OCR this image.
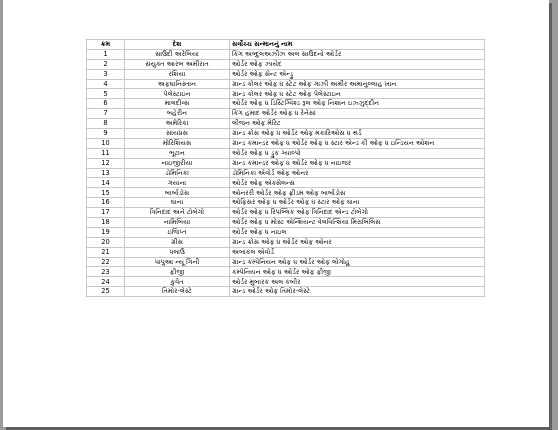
ક્રમ	દેશ	સર્વોચ્ચ સન્માનનું નામ
1	સાઉદી અરેબિયા	કિંગ અબ્દુલઅઝીઝ અલ સાઉદનો ઓર્ડર
2	સંયુક્ત આરબ અમીરાત	ઓર્ડર ઓફ ઝાયેદ
3	રશિયા	ઓર્ડર ઓફ સેન્ટ એન્ડ્રુ
4	અફઘાનિસ્તાન	ગ્રાન્ડ કોલર ઓફ ધ સ્ટેટ ઓફ ગાઝી અમીર અમાનુલ્લાહ ખાન
5	પેલેસ્ટાઇન	ગ્રાન્ડ કોલર ઓફ ધ સ્ટેટ ઓફ પેલેસ્ટાઇન
6	માલદીવ્સ	ઓર્ડર ઓફ ધ ડિસ્ટિંગ્વિશ્ડ રૂલ ઓફ નિશાન ઇઝ્ઝુદ્દીન
7	બહેરીન	કિંગ હમાદ ઓર્ડર ઓફ ધ રેનેસાં
8	અમેરિકા	લીજન ઓફ મેરિટ
9	સાયપ્રસ	ગ્રાન્ડ ક્રોસ ઓફ ધ ઓર્ડર ઓફ મકારિઓસ ધ થર્ડ
10	મોરિશિયસ	ગ્રાન્ડ કમાન્ડર ઓફ ધ ઓર્ડર ઓફ ધ સ્ટાર એન્ડ કી ઓફ ધ ઇન્ડિયન ઓશન
11	ભૂટાન	ઓર્ડર ઓફ ધ ડ્રુક ગ્યાલ્પો
12	નાઇજીરીયા	ગ્રાન્ડ કમાન્ડર ઓફ ધ ઓર્ડર ઓફ ધ નાઇજર
13	ડોમિનિકા	ડોમિનિકા એવોર્ડ ઓફ ઓનર
14	ગયાના	ઓર્ડર ઓફ એક્સેલન્સ
15	બાર્બાડોસ	ઓનરરી ઓર્ડર ઓફ ફ્રીડમ ઓફ બાર્બાડોસ
16	ઘાના	ઓફિસર ઓફ ધ ઓર્ડર ઓફ ધ સ્ટાર ઓફ ઘાના
17	ત્રિનિદાદ અને ટોબેગો	ઓર્ડર ઓફ ધ રિપબ્લિક ઓફ ત્રિનિદાદ એન્ડ ટોબેગો
18	નામિબિયા	ઓર્ડર ઓફ ધ મોસ્ટ એન્શિયન્ટ વેલવિત્શિયા મિરાબિલિસ
19	ઇજિપ્ત	ઓર્ડર ઓફ ધ નાઇલ
20	ગ્રીસ	ગ્રાન્ડ ક્રોસ ઓફ ધ ઓર્ડર ઓફ ઓનર
21	પલાઉ	અબાકલ એવોર્ડ
22	પાપુઆ ન્યૂ ગિની	ગ્રાન્ડ કમ્પેનિયન ઓફ ધ ઓર્ડર ઓફ લોગોહુ
23	ફીજી	કમ્પેનિયન ઓફ ધ ઓર્ડર ઓફ ફીજી
24	કુવૈત	ઓર્ડર મુબારક અલ કબીર
25	તિમોર-લેસ્ટે	ગ્રાન્ડ ઓર્ડર ઓફ તિમોર-લેસ્ટે
